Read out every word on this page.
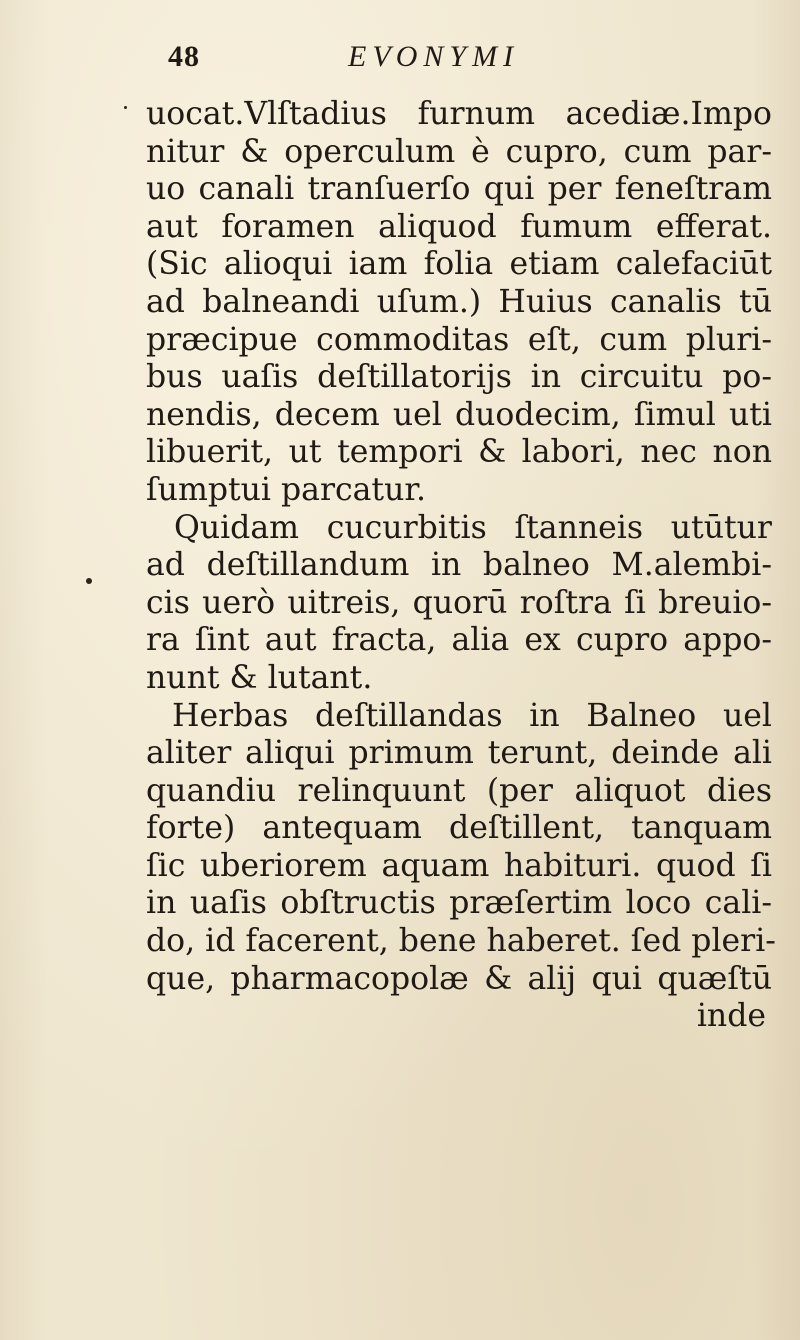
48	EVONYMI
uocat.Vlſtadius furnum acediæ.Impo
nitur & operculum è cupro, cum par-
uo canali tranſuerſo qui per feneſtram
aut foramen aliquod fumum efferat.
(Sic alioqui iam folia etiam calefaciūt
ad balneandi uſum.) Huius canalis tū
præcipue commoditas eſt, cum pluri-
bus uaſis deſtillatorijs in circuitu po-
nendis, decem uel duodecim, ſimul uti
libuerit, ut tempori & labori, nec non
ſumptui parcatur.
Quidam cucurbitis ſtanneis utūtur
ad deſtillandum in balneo M.alembi-
cis uerò uitreis, quorū roſtra ſi breuio-
ra ſint aut fracta, alia ex cupro appo-
nunt & lutant.
Herbas deſtillandas in Balneo uel
aliter aliqui primum terunt, deinde ali
quandiu relinquunt (per aliquot dies
forte) antequam deſtillent, tanquam
ſic uberiorem aquam habituri. quod ſi
in uaſis obſtructis præſertim loco cali-
do, id facerent, bene haberet. ſed pleri-
que, pharmacopolæ & alij qui quæſtū
inde
